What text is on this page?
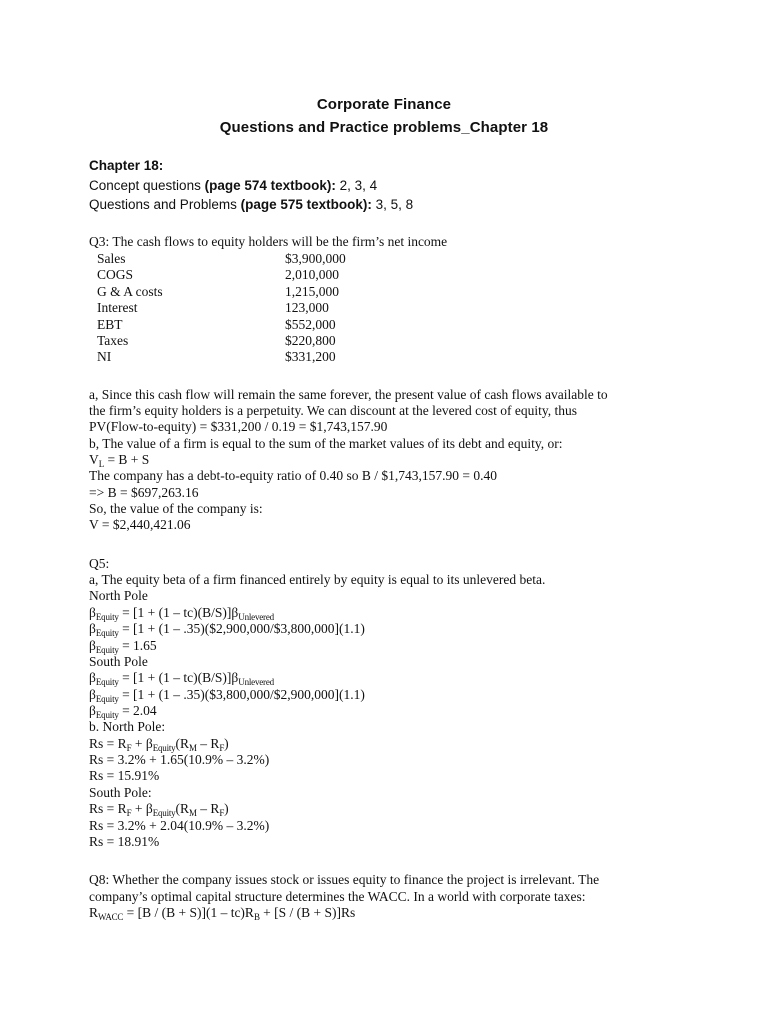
Corporate Finance
Questions and Practice problems_Chapter 18
Chapter 18:
Concept questions (page 574 textbook): 2, 3, 4
Questions and Problems (page 575 textbook): 3, 5, 8
Q3: The cash flows to equity holders will be the firm’s net income
Sales	$3,900,000
COGS	2,010,000
G & A costs	1,215,000
Interest	123,000
EBT	$552,000
Taxes	$220,800
NI	$331,200
a, Since this cash flow will remain the same forever, the present value of cash flows available to
the firm’s equity holders is a perpetuity. We can discount at the levered cost of equity, thus
PV(Flow-to-equity) = $331,200 / 0.19 = $1,743,157.90
b, The value of a firm is equal to the sum of the market values of its debt and equity, or:
$V_L = B + S$
The company has a debt-to-equity ratio of 0.40 so B / $1,743,157.90 = 0.40
=> B = $697,263.16
So, the value of the company is:
V = $2,440,421.06
Q5:
a, The equity beta of a firm financed entirely by equity is equal to its unlevered beta.
North Pole
$\beta_{Equity} = [1 + (1 - tc)(B/S)]\beta_{Unlevered}$
$\beta_{Equity} = [1 + (1$ – .35)($2,900,000/$3,800,000](1.1)
$\beta_{Equity} = 1.65$
South Pole
$\beta_{Equity} = [1 + (1 - tc)(B/S)]\beta_{Unlevered}$
$\beta_{Equity} = [1 + (1$ – .35)($3,800,000/$2,900,000](1.1)
$\beta_{Equity} = 2.04$
b. North Pole:
$Rs = R_F + \beta_{Equity}(R_M - R_F)$
Rs = 3.2% + 1.65(10.9% – 3.2%)
Rs = 15.91%
South Pole:
$Rs = R_F + \beta_{Equity}(R_M - R_F)$
Rs = 3.2% + 2.04(10.9% – 3.2%)
Rs = 18.91%
Q8: Whether the company issues stock or issues equity to finance the project is irrelevant. The
company’s optimal capital structure determines the WACC. In a world with corporate taxes:
$R_{WACC} = [B / (B + S)](1 - tc)R_B + [S / (B + S)]Rs$
